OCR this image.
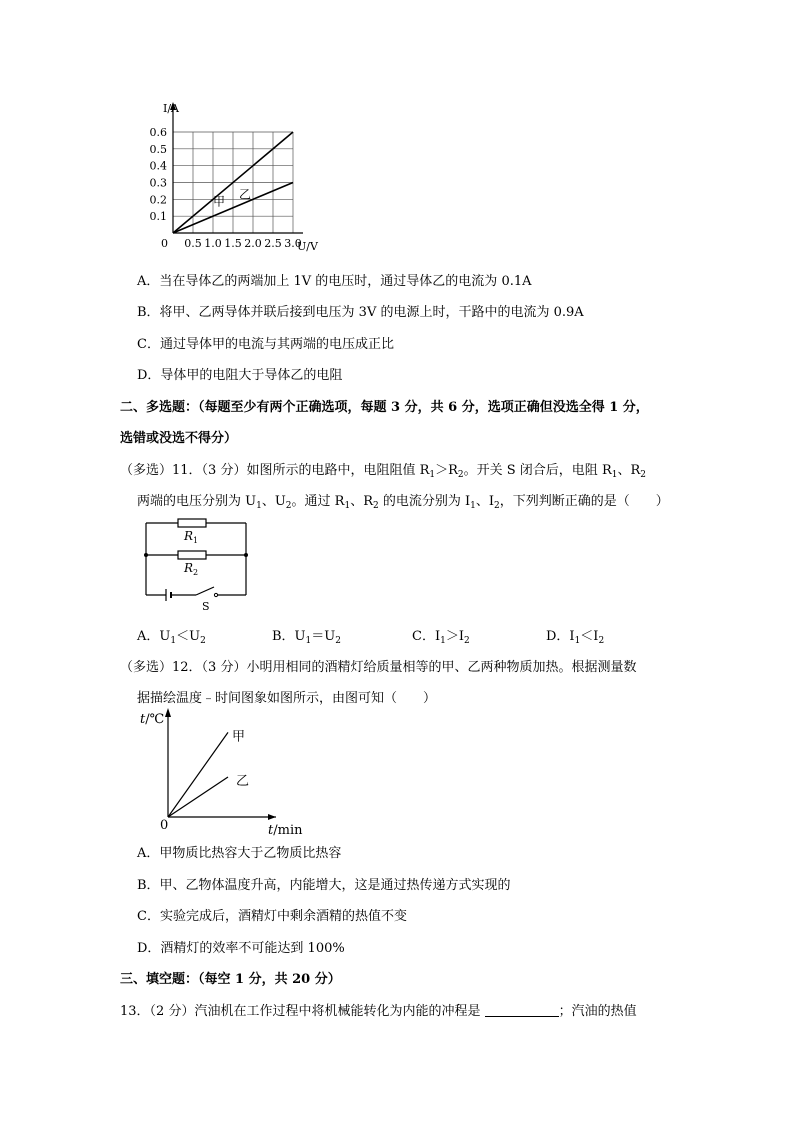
0.5 1.0 1.5 2.0 2.5 3.0
0.1
0.2
0.3
0.4
0.5
0.6
I/A
U/V
0
甲 乙
A．当在导体乙的两端加上 1V 的电压时，通过导体乙的电流为 0.1A
B．将甲、乙两导体并联后接到电压为 3V 的电源上时，干路中的电流为 0.9A
C．通过导体甲的电流与其两端的电压成正比
D．导体甲的电阻大于导体乙的电阻
二、多选题：（每题至少有两个正确选项，每题 3 分，共 6 分，选项正确但没选全得 1 分，
选错或没选不得分）
（多选）11．（3 分）如图所示的电路中，电阻阻值 $R_1>R_2$。开关 S 闭合后，电阻 $R_1$、$R_2$
两端的电压分别为 $U_1$、$U_2$。通过 $R_1$、$R_2$ 的电流分别为 $I_1$、$I_2$，下列判断正确的是（　　）
R 1
R 2
S
A．$U_1<U_2$	B．$U_1=U_2$	C．$I_1>I_2$	D．$I_1<I_2$
（多选）12．（3 分）小明用相同的酒精灯给质量相等的甲、乙两种物质加热。根据测量数
据描绘温度﹣时间图象如图所示，由图可知（　　）
t/℃
t/min
0
甲
乙
A．甲物质比热容大于乙物质比热容
B．甲、乙物体温度升高，内能增大，这是通过热传递方式实现的
C．实验完成后，酒精灯中剩余酒精的热值不变
D．酒精灯的效率不可能达到 100%
三、填空题：（每空 1 分，共 20 分）
13．（2 分）汽油机在工作过程中将机械能转化为内能的冲程是	；汽油的热值
